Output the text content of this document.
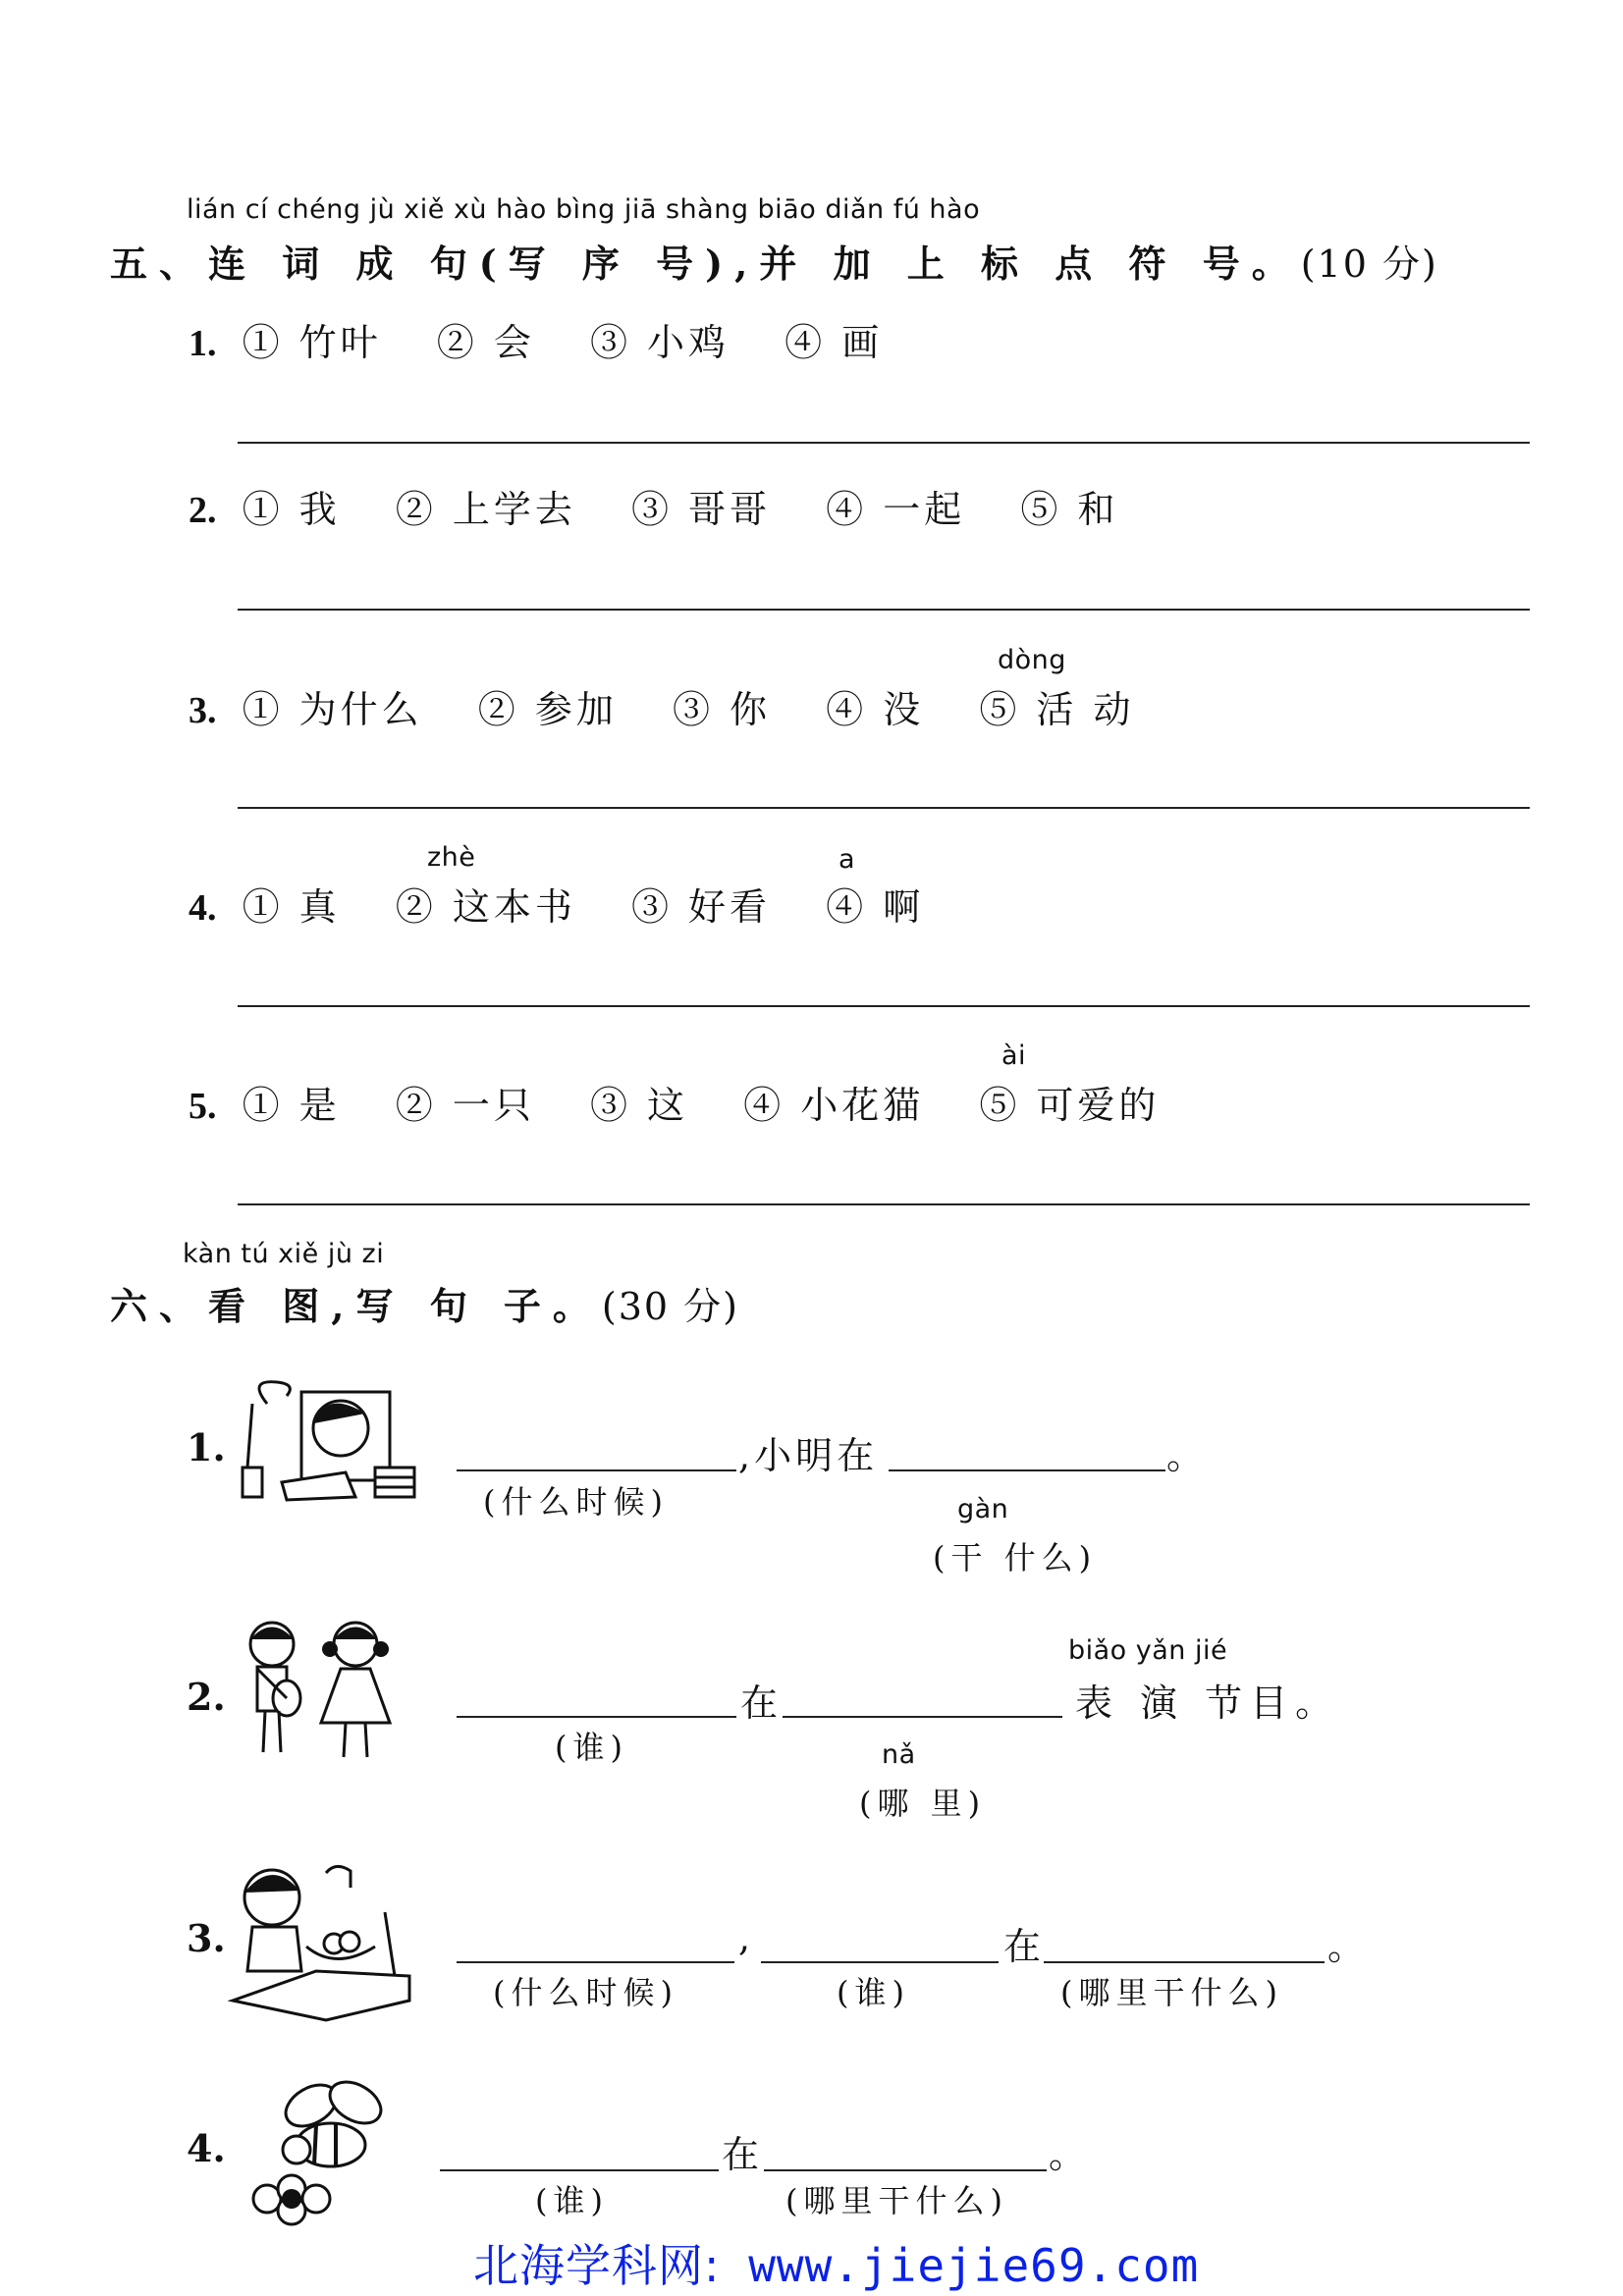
lián cí chéng jù xiě xù hào bìng jiā shàng biāo diǎn fú hào
五、连 词 成 句(写 序 号),并 加 上 标 点 符 号。(10 分)
1. ① 竹叶 ② 会 ③ 小鸡 ④ 画
2. ① 我 ② 上学去 ③ 哥哥 ④ 一起 ⑤ 和
dòng
3. ① 为什么 ② 参加 ③ 你 ④ 没 ⑤ 活 动
zhè	a
4. ① 真 ② 这本书 ③ 好看 ④ 啊
ài
5. ① 是 ② 一只 ③ 这 ④ 小花猫 ⑤ 可爱的
kàn tú xiě jù zi
六、看 图,写 句 子。(30 分)
1.	,小明在	。
(什么时候)	gàn
(干 什么)
2.	在
biǎo yǎn jié
表 演 节目。
(谁)	nǎ
(哪 里)
3.	,	在	。
(什么时候)	(谁)	(哪里干什么)
4.	在	。
(谁)	(哪里干什么)
北海学科网: www.jiejie69.com
